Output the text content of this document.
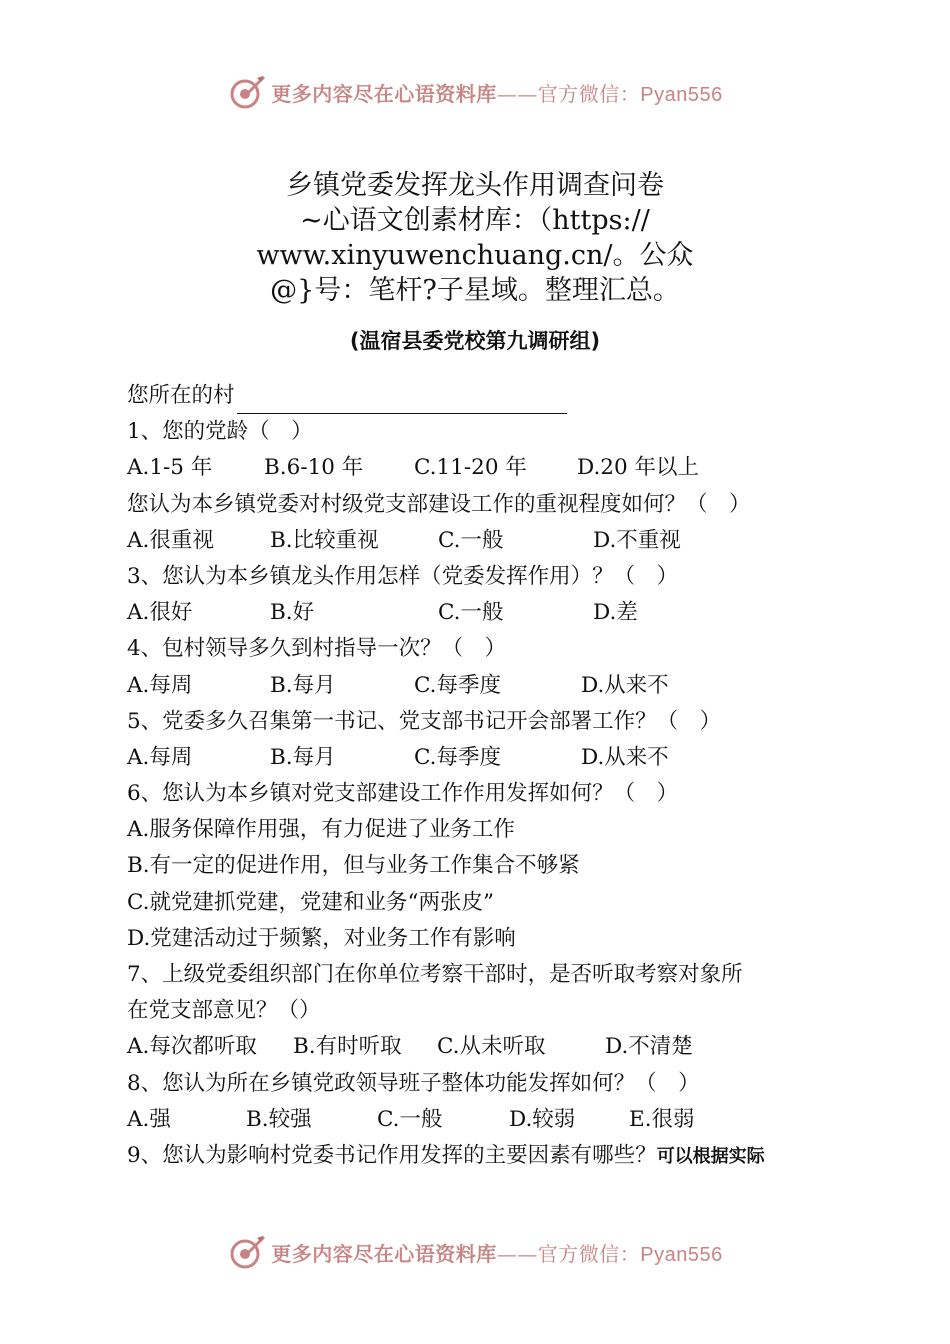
更多内容尽在心语资料库——官方微信：Pyan556
乡镇党委发挥龙头作用调查问卷
~心语文创素材库：（https://
www.xinyuwenchuang.cn/。公众
@}号：笔杆?子星域。整理汇总。
(温宿县委党校第九调研组)
您所在的村
1、您的党龄（　）
A.1-5 年	B.6-10 年	C.11-20 年	D.20 年以上
您认为本乡镇党委对村级党支部建设工作的重视程度如何？（　）
A.很重视	B.比较重视	C.一般	D.不重视
3、您认为本乡镇龙头作用怎样（党委发挥作用）？（　）
A.很好	B.好	C.一般	D.差
4、包村领导多久到村指导一次？（　）
A.每周	B.每月	C.每季度	D.从来不
5、党委多久召集第一书记、党支部书记开会部署工作？（　）
A.每周	B.每月	C.每季度	D.从来不
6、您认为本乡镇对党支部建设工作作用发挥如何？（　）
A.服务保障作用强，有力促进了业务工作
B.有一定的促进作用，但与业务工作集合不够紧
C.就党建抓党建，党建和业务“两张皮”
D.党建活动过于频繁，对业务工作有影响
7、上级党委组织部门在你单位考察干部时，是否听取考察对象所
在党支部意见？（）
A.每次都听取	B.有时听取	C.从未听取	D.不清楚
8、您认为所在乡镇党政领导班子整体功能发挥如何？（　）
A.强	B.较强	C.一般	D.较弱	E.很弱
9、您认为影响村党委书记作用发挥的主要因素有哪些？可以根据实际
更多内容尽在心语资料库——官方微信：Pyan556
